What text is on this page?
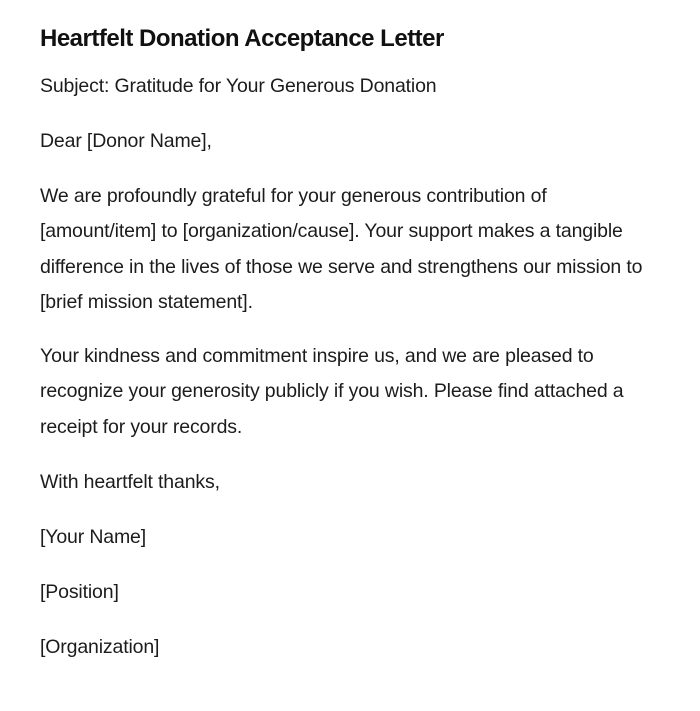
Heartfelt Donation Acceptance Letter

Subject: Gratitude for Your Generous Donation

Dear [Donor Name],

We are profoundly grateful for your generous contribution of [amount/item] to [organization/cause]. Your support makes a tangible difference in the lives of those we serve and strengthens our mission to [brief mission statement].

Your kindness and commitment inspire us, and we are pleased to recognize your generosity publicly if you wish. Please find attached a receipt for your records.

With heartfelt thanks,

[Your Name]

[Position]

[Organization]
